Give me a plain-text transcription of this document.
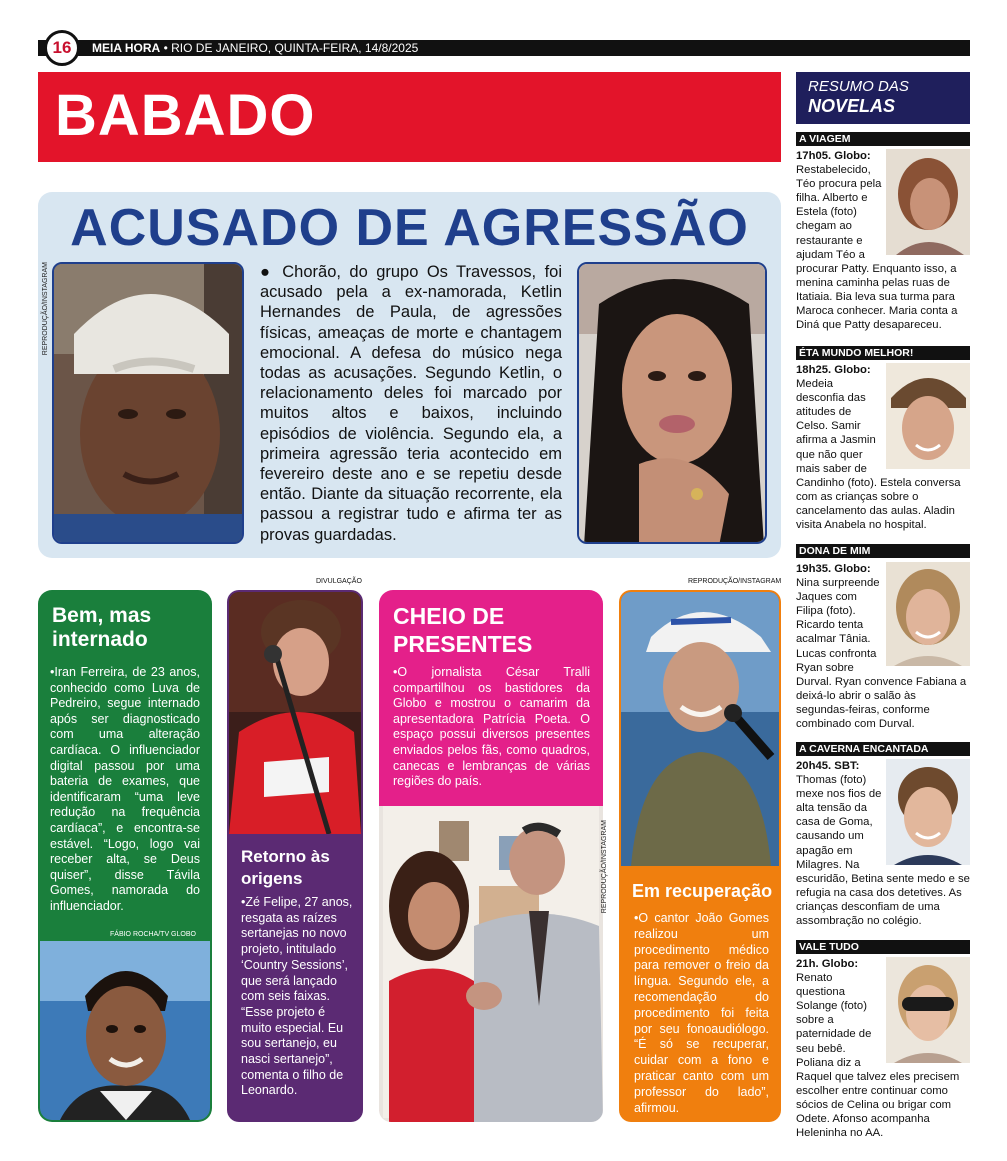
16	MEIA HORA • RIO DE JANEIRO, QUINTA-FEIRA, 14/8/2025
BABADO
ACUSADO DE AGRESSÃO
REPRODUÇÃO/INSTAGRAM	● Chorão, do grupo Os Travessos, foi acusado pela a ex-namorada, Ketlin Hernandes de Paula, de agressões físicas, ameaças de morte e chantagem emocional. A defesa do músico nega todas as acusações. Segundo Ketlin, o relacionamento deles foi marcado por muitos altos e baixos, incluindo episódios de violência. Segundo ela, a primeira agressão teria acontecido em fevereiro deste ano e se repetiu desde então. Diante da situação recorrente, ela passou a registrar tudo e afirma ter as provas guardadas.
Bem, mas internado
•Iran Ferreira, de 23 anos, conhecido como Luva de Pedreiro, segue internado após ser diagnosticado com uma alteração cardíaca. O influenciador digital passou por uma bateria de exames, que identificaram “uma leve redução na frequência cardíaca”, e encontra-se estável. “Logo, logo vai receber alta, se Deus quiser”, disse Távila Gomes, namorada do influenciador.
FÁBIO ROCHA/TV GLOBO
DIVULGAÇÃO
Retorno às origens
•Zé Felipe, 27 anos, resgata as raízes sertanejas no novo projeto, intitulado ‘Country Sessions’, que será lançado com seis faixas. “Esse projeto é muito especial. Eu sou sertanejo, eu nasci sertanejo”, comenta o filho de Leonardo.
CHEIO DE PRESENTES
•O jornalista César Tralli compartilhou os bastidores da Globo e mostrou o camarim da apresentadora Patrícia Poeta. O espaço possui diversos presentes enviados pelos fãs, como quadros, canecas e lembranças de várias regiões do país.
REPRODUÇÃO/INSTAGRAM
REPRODUÇÃO/INSTAGRAM
Em recuperação
•O cantor João Gomes realizou um procedimento médico para remover o freio da língua. Segundo ele, a recomendação do procedimento foi feita por seu fonoaudiólogo. “É só se recuperar, cuidar com a fono e praticar canto com um professor do lado”, afirmou.
RESUMO DAS
NOVELAS
A VIAGEM
17h05. Globo: Restabelecido, Téo procura pela filha. Alberto e Estela (foto) chegam ao restaurante e ajudam Téo a procurar Patty. Enquanto isso, a menina caminha pelas ruas de Itatiaia. Bia leva sua turma para Maroca conhecer. Maria conta a Diná que Patty desapareceu.
ÉTA MUNDO MELHOR!
18h25. Globo: Medeia desconfia das atitudes de Celso. Samir afirma a Jasmin que não quer mais saber de Candinho (foto). Estela conversa com as crianças sobre o cancelamento das aulas. Aladin visita Anabela no hospital.
DONA DE MIM
19h35. Globo: Nina surpreende Jaques com Filipa (foto). Ricardo tenta acalmar Tânia. Lucas confronta Ryan sobre Durval. Ryan convence Fabiana a deixá-lo abrir o salão às segundas-feiras, conforme combinado com Durval.
A CAVERNA ENCANTADA
20h45. SBT: Thomas (foto) mexe nos fios de alta tensão da casa de Goma, causando um apagão em Milagres. Na escuridão, Betina sente medo e se refugia na casa dos detetives. As crianças desconfiam de uma assombração no colégio.
VALE TUDO
21h. Globo: Renato questiona Solange (foto) sobre a paternidade de seu bebê. Poliana diz a Raquel que talvez eles precisem escolher entre continuar como sócios de Celina ou brigar com Odete. Afonso acompanha Heleninha no AA.
